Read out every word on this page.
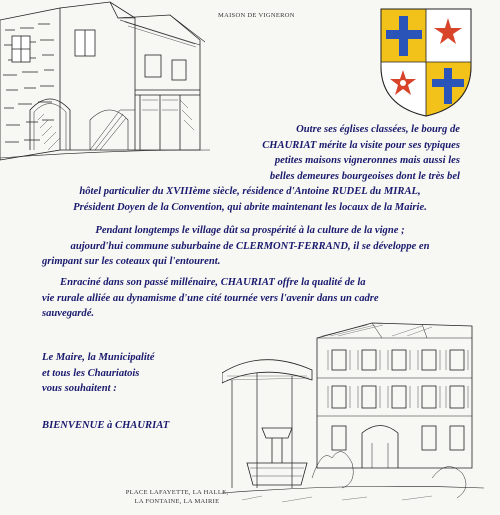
MAISON DE VIGNERON
Outre ses églises classées, le bourg de
CHAURIAT mérite la visite pour ses typiques
petites maisons vigneronnes mais aussi les
belles demeures bourgeoises dont le très bel
hôtel particulier du XVIIIème siècle, résidence d'Antoine RUDEL du MIRAL,
Président Doyen de la Convention, qui abrite maintenant les locaux de la Mairie.
Pendant longtemps le village dût sa prospérité à la culture de la vigne ;
aujourd'hui commune suburbaine de CLERMONT-FERRAND, il se développe en
grimpant sur les coteaux qui l'entourent.
Enraciné dans son passé millénaire, CHAURIAT offre la qualité de la
vie rurale alliée au dynamisme d'une cité tournée vers l'avenir dans un cadre
sauvegardé.
Le Maire, la Municipalité
et tous les Chauriatois
vous souhaitent :
BIENVENUE à CHAURIAT
PLACE LAFAYETTE, LA HALLE,
LA FONTAINE, LA MAIRIE
